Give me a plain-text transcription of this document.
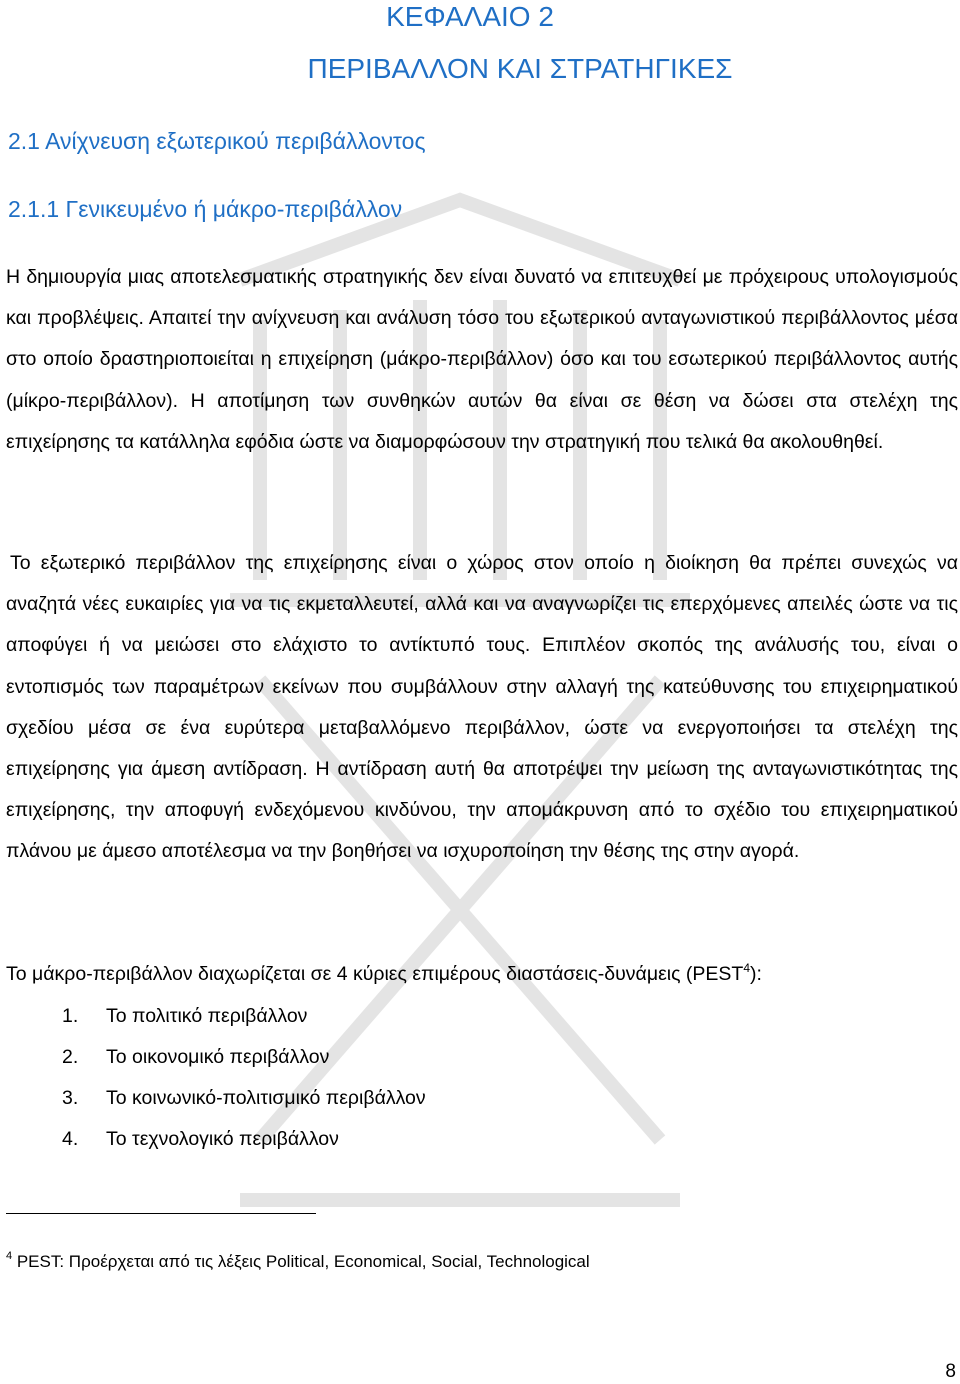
ΚΕΦΑΛΑΙΟ 2
ΠΕΡΙΒΑΛΛΟΝ ΚΑΙ ΣΤΡΑΤΗΓΙΚΕΣ
2.1 Ανίχνευση εξωτερικού περιβάλλοντος
2.1.1 Γενικευμένο ή μάκρο-περιβάλλον

Η δημιουργία μιας αποτελεσματικής στρατηγικής δεν είναι δυνατό να επιτευχθεί με πρόχειρους υπολογισμούς και προβλέψεις. Απαιτεί την ανίχνευση και ανάλυση τόσο του εξωτερικού ανταγωνιστικού περιβάλλοντος μέσα στο οποίο δραστηριοποιείται η επιχείρηση (μάκρο-περιβάλλον) όσο και του εσωτερικού περιβάλλοντος αυτής (μίκρο-περιβάλλον). Η αποτίμηση των συνθηκών αυτών θα είναι σε θέση να δώσει στα στελέχη της επιχείρησης τα κατάλληλα εφόδια ώστε να διαμορφώσουν την στρατηγική που τελικά θα ακολουθηθεί.

Το εξωτερικό περιβάλλον της επιχείρησης είναι ο χώρος στον οποίο η διοίκηση θα πρέπει συνεχώς να αναζητά νέες ευκαιρίες για να τις εκμεταλλευτεί, αλλά και να αναγνωρίζει τις επερχόμενες απειλές ώστε να τις αποφύγει ή να μειώσει στο ελάχιστο το αντίκτυπό τους. Επιπλέον σκοπός της ανάλυσής του, είναι ο εντοπισμός των παραμέτρων εκείνων που συμβάλλουν στην αλλαγή της κατεύθυνσης του επιχειρηματικού σχεδίου μέσα σε ένα ευρύτερα μεταβαλλόμενο περιβάλλον, ώστε να ενεργοποιήσει τα στελέχη της επιχείρησης για άμεση αντίδραση. Η αντίδραση αυτή θα αποτρέψει την μείωση της ανταγωνιστικότητας της επιχείρησης, την αποφυγή ενδεχόμενου κινδύνου, την απομάκρυνση από το σχέδιο του επιχειρηματικού πλάνου με άμεσο αποτέλεσμα να την βοηθήσει να ισχυροποίηση την θέσης της στην αγορά.

Το μάκρο-περιβάλλον διαχωρίζεται σε 4 κύριες επιμέρους διαστάσεις-δυνάμεις (PEST$^4$):

1. Το πολιτικό περιβάλλον
2. Το οικονομικό περιβάλλον
3. Το κοινωνικό-πολιτισμικό περιβάλλον
4. Το τεχνολογικό περιβάλλον

$^4$ PEST: Προέρχεται από τις λέξεις Political, Economical, Social, Technological

8
